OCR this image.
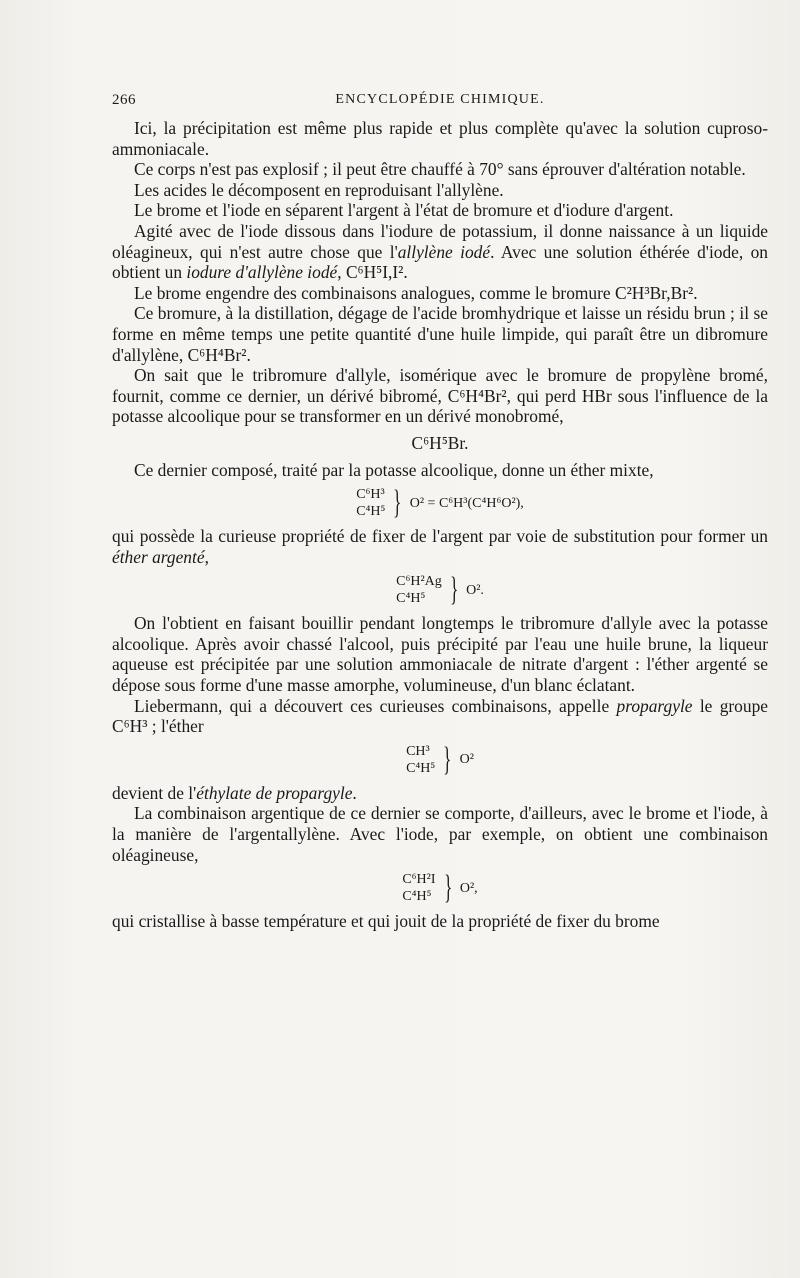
266	ENCYCLOPÉDIE CHIMIQUE.

Ici, la précipitation est même plus rapide et plus complète qu'avec la solution cuproso-ammoniacale.

Ce corps n'est pas explosif ; il peut être chauffé à 70° sans éprouver d'altération notable.

Les acides le décomposent en reproduisant l'allylène.

Le brome et l'iode en séparent l'argent à l'état de bromure et d'iodure d'argent.

Agité avec de l'iode dissous dans l'iodure de potassium, il donne naissance à un liquide oléagineux, qui n'est autre chose que l'allylène iodé. Avec une solution éthérée d'iode, on obtient un iodure d'allylène iodé, C⁶H⁵I,I².

Le brome engendre des combinaisons analogues, comme le bromure C²H³Br,Br².

Ce bromure, à la distillation, dégage de l'acide bromhydrique et laisse un résidu brun ; il se forme en même temps une petite quantité d'une huile limpide, qui paraît être un dibromure d'allylène, C⁶H⁴Br².

On sait que le tribromure d'allyle, isomérique avec le bromure de propylène bromé, fournit, comme ce dernier, un dérivé bibromé, C⁶H⁴Br², qui perd HBr sous l'influence de la potasse alcoolique pour se transformer en un dérivé monobromé,

C⁶H⁵Br.

Ce dernier composé, traité par la potasse alcoolique, donne un éther mixte,

C⁶H³
C⁴H⁵ } O² = C⁶H³(C⁴H⁶O²),

qui possède la curieuse propriété de fixer de l'argent par voie de substitution pour former un éther argenté,

C⁶H²Ag
C⁴H⁵ } O².

On l'obtient en faisant bouillir pendant longtemps le tribromure d'allyle avec la potasse alcoolique. Après avoir chassé l'alcool, puis précipité par l'eau une huile brune, la liqueur aqueuse est précipitée par une solution ammoniacale de nitrate d'argent : l'éther argenté se dépose sous forme d'une masse amorphe, volumineuse, d'un blanc éclatant.

Liebermann, qui a découvert ces curieuses combinaisons, appelle propargyle le groupe C⁶H³ ; l'éther

CH³
C⁴H⁵ } O²

devient de l'éthylate de propargyle.

La combinaison argentique de ce dernier se comporte, d'ailleurs, avec le brome et l'iode, à la manière de l'argentallylène. Avec l'iode, par exemple, on obtient une combinaison oléagineuse,

C⁶H²I
C⁴H⁵ } O²,

qui cristallise à basse température et qui jouit de la propriété de fixer du brome
